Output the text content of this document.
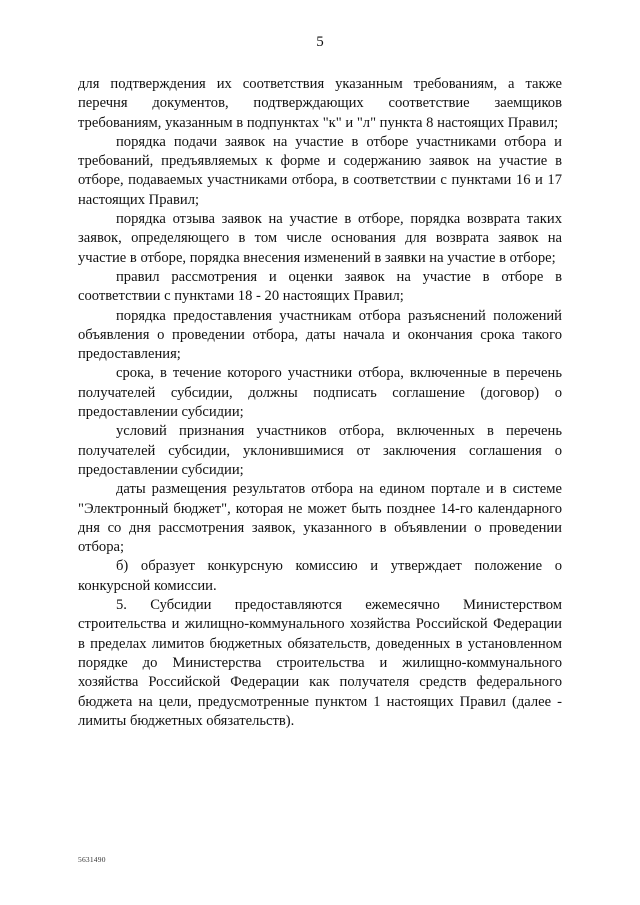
5

для подтверждения их соответствия указанным требованиям, а также перечня документов, подтверждающих соответствие заемщиков требованиям, указанным в подпунктах "к" и "л" пункта 8 настоящих Правил;

порядка подачи заявок на участие в отборе участниками отбора и требований, предъявляемых к форме и содержанию заявок на участие в отборе, подаваемых участниками отбора, в соответствии с пунктами 16 и 17 настоящих Правил;

порядка отзыва заявок на участие в отборе, порядка возврата таких заявок, определяющего в том числе основания для возврата заявок на участие в отборе, порядка внесения изменений в заявки на участие в отборе;

правил рассмотрения и оценки заявок на участие в отборе в соответствии с пунктами 18 - 20 настоящих Правил;

порядка предоставления участникам отбора разъяснений положений объявления о проведении отбора, даты начала и окончания срока такого предоставления;

срока, в течение которого участники отбора, включенные в перечень получателей субсидии, должны подписать соглашение (договор) о предоставлении субсидии;

условий признания участников отбора, включенных в перечень получателей субсидии, уклонившимися от заключения соглашения о предоставлении субсидии;

даты размещения результатов отбора на едином портале и в системе "Электронный бюджет", которая не может быть позднее 14-го календарного дня со дня рассмотрения заявок, указанного в объявлении о проведении отбора;

б) образует конкурсную комиссию и утверждает положение о конкурсной комиссии.

5. Субсидии предоставляются ежемесячно Министерством строительства и жилищно-коммунального хозяйства Российской Федерации в пределах лимитов бюджетных обязательств, доведенных в установленном порядке до Министерства строительства и жилищно-коммунального хозяйства Российской Федерации как получателя средств федерального бюджета на цели, предусмотренные пунктом 1 настоящих Правил (далее - лимиты бюджетных обязательств).

5631490
